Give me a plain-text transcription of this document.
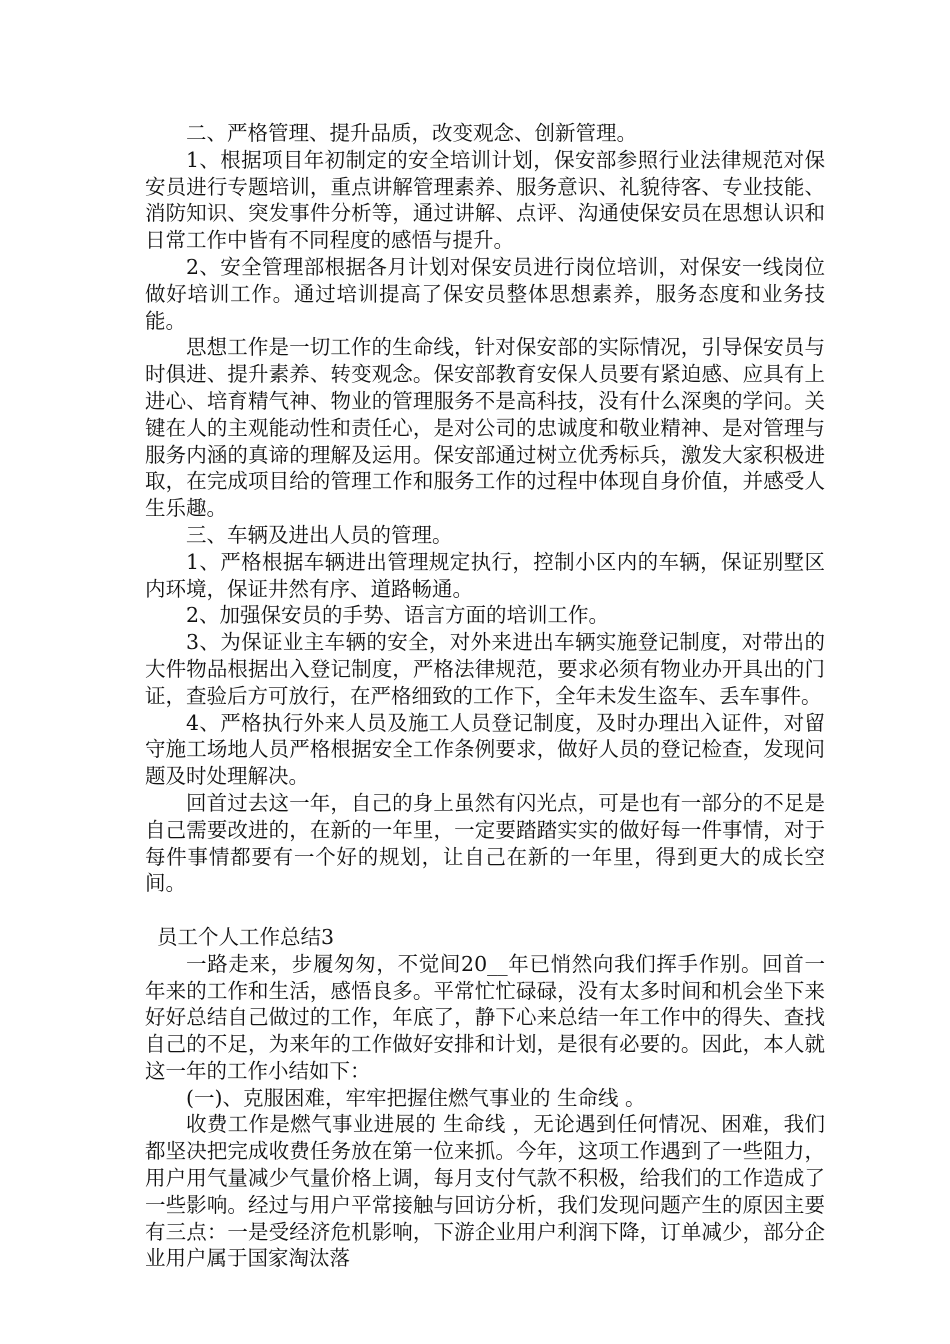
二、严格管理、提升品质，改变观念、创新管理。

1、根据项目年初制定的安全培训计划，保安部参照行业法律规范对保安员进行专题培训，重点讲解管理素养、服务意识、礼貌待客、专业技能、消防知识、突发事件分析等，通过讲解、点评、沟通使保安员在思想认识和日常工作中皆有不同程度的感悟与提升。

2、安全管理部根据各月计划对保安员进行岗位培训，对保安一线岗位做好培训工作。通过培训提高了保安员整体思想素养，服务态度和业务技能。

思想工作是一切工作的生命线，针对保安部的实际情况，引导保安员与时俱进、提升素养、转变观念。保安部教育安保人员要有紧迫感、应具有上进心、培育精气神、物业的管理服务不是高科技，没有什么深奥的学问。关键在人的主观能动性和责任心，是对公司的忠诚度和敬业精神、是对管理与服务内涵的真谛的理解及运用。保安部通过树立优秀标兵，激发大家积极进取，在完成项目给的管理工作和服务工作的过程中体现自身价值，并感受人生乐趣。

三、车辆及进出人员的管理。

1、严格根据车辆进出管理规定执行，控制小区内的车辆，保证别墅区内环境，保证井然有序、道路畅通。

2、加强保安员的手势、语言方面的培训工作。

3、为保证业主车辆的安全，对外来进出车辆实施登记制度，对带出的大件物品根据出入登记制度，严格法律规范，要求必须有物业办开具出的门证，查验后方可放行，在严格细致的工作下，全年未发生盗车、丢车事件。

4、严格执行外来人员及施工人员登记制度，及时办理出入证件，对留守施工场地人员严格根据安全工作条例要求，做好人员的登记检查，发现问题及时处理解决。

回首过去这一年，自己的身上虽然有闪光点，可是也有一部分的不足是自己需要改进的，在新的一年里，一定要踏踏实实的做好每一件事情，对于每件事情都要有一个好的规划，让自己在新的一年里，得到更大的成长空间。

员工个人工作总结3

一路走来，步履匆匆，不觉间20__年已悄然向我们挥手作别。回首一年来的工作和生活，感悟良多。平常忙忙碌碌，没有太多时间和机会坐下来好好总结自己做过的工作，年底了，静下心来总结一年工作中的得失、查找自己的不足，为来年的工作做好安排和计划，是很有必要的。因此，本人就这一年的工作小结如下：

(一)、克服困难，牢牢把握住燃气事业的 生命线 。

收费工作是燃气事业进展的 生命线 ，无论遇到任何情况、困难，我们都坚决把完成收费任务放在第一位来抓。今年，这项工作遇到了一些阻力，用户用气量减少气量价格上调，每月支付气款不积极，给我们的工作造成了一些影响。经过与用户平常接触与回访分析，我们发现问题产生的原因主要有三点：一是受经济危机影响，下游企业用户利润下降，订单减少，部分企业用户属于国家淘汰落
